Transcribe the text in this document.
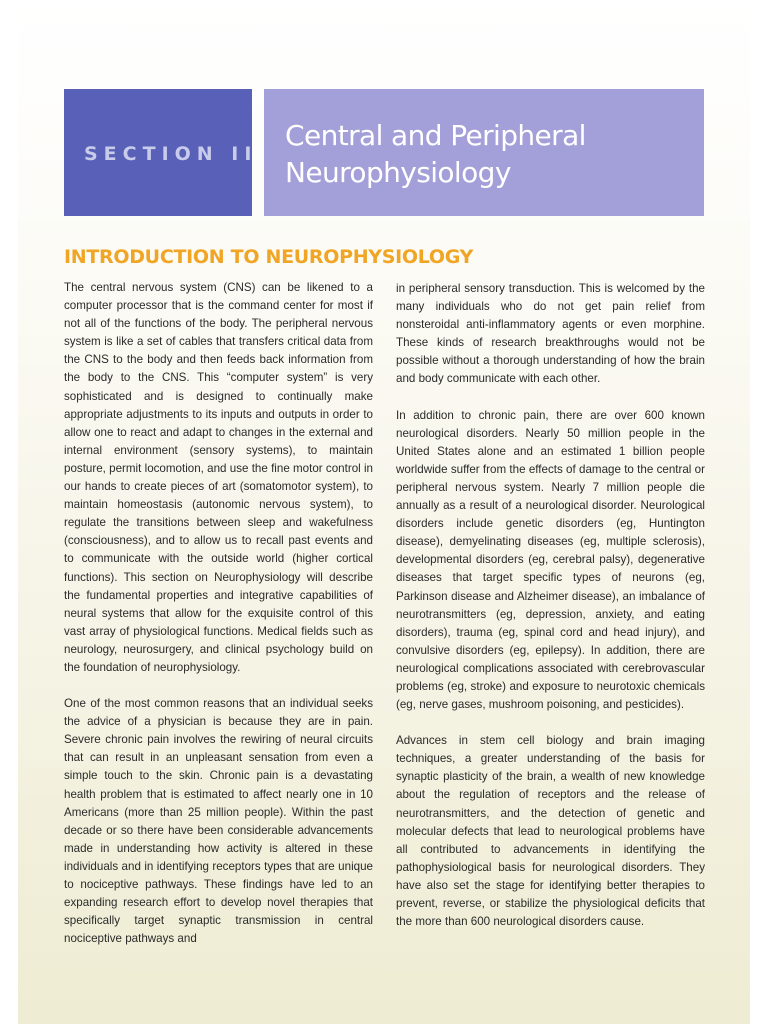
SECTION II
Central and Peripheral
Neurophysiology
INTRODUCTION TO NEUROPHYSIOLOGY

The central nervous system (CNS) can be likened to a computer processor that is the command center for most if not all of the functions of the body. The peripheral nervous system is like a set of cables that transfers critical data from the CNS to the body and then feeds back information from the body to the CNS. This “computer system” is very sophisticated and is designed to continually make appropriate adjustments to its inputs and outputs in order to allow one to react and adapt to changes in the external and internal environment (sensory systems), to maintain posture, permit locomotion, and use the fine motor control in our hands to create pieces of art (somatomotor system), to maintain homeostasis (autonomic nervous system), to regulate the transitions between sleep and wakefulness (consciousness), and to allow us to recall past events and to communicate with the outside world (higher cortical functions). This section on Neurophysiology will describe the fundamental properties and integrative capabilities of neural systems that allow for the exquisite control of this vast array of physiological functions. Medical fields such as neurology, neurosurgery, and clinical psychology build on the foundation of neurophysiology.

One of the most common reasons that an individual seeks the advice of a physician is because they are in pain. Severe chronic pain involves the rewiring of neural circuits that can result in an unpleasant sensation from even a simple touch to the skin. Chronic pain is a devastating health problem that is estimated to affect nearly one in 10 Americans (more than 25 million people). Within the past decade or so there have been considerable advancements made in understanding how activity is altered in these individuals and in identifying receptors types that are unique to nociceptive pathways. These findings have led to an expanding research effort to develop novel therapies that specifically target synaptic transmission in central nociceptive pathways and

in peripheral sensory transduction. This is welcomed by the many individuals who do not get pain relief from nonsteroidal anti-inflammatory agents or even morphine. These kinds of research breakthroughs would not be possible without a thorough understanding of how the brain and body communicate with each other.

In addition to chronic pain, there are over 600 known neurological disorders. Nearly 50 million people in the United States alone and an estimated 1 billion people worldwide suffer from the effects of damage to the central or peripheral nervous system. Nearly 7 million people die annually as a result of a neurological disorder. Neurological disorders include genetic disorders (eg, Huntington disease), demyelinating diseases (eg, multiple sclerosis), developmental disorders (eg, cerebral palsy), degenerative diseases that target specific types of neurons (eg, Parkinson disease and Alzheimer disease), an imbalance of neurotransmitters (eg, depression, anxiety, and eating disorders), trauma (eg, spinal cord and head injury), and convulsive disorders (eg, epilepsy). In addition, there are neurological complications associated with cerebrovascular problems (eg, stroke) and exposure to neurotoxic chemicals (eg, nerve gases, mushroom poisoning, and pesticides).

Advances in stem cell biology and brain imaging techniques, a greater understanding of the basis for synaptic plasticity of the brain, a wealth of new knowledge about the regulation of receptors and the release of neurotransmitters, and the detection of genetic and molecular defects that lead to neurological problems have all contributed to advancements in identifying the pathophysiological basis for neurological disorders. They have also set the stage for identifying better therapies to prevent, reverse, or stabilize the physiological deficits that the more than 600 neurological disorders cause.
